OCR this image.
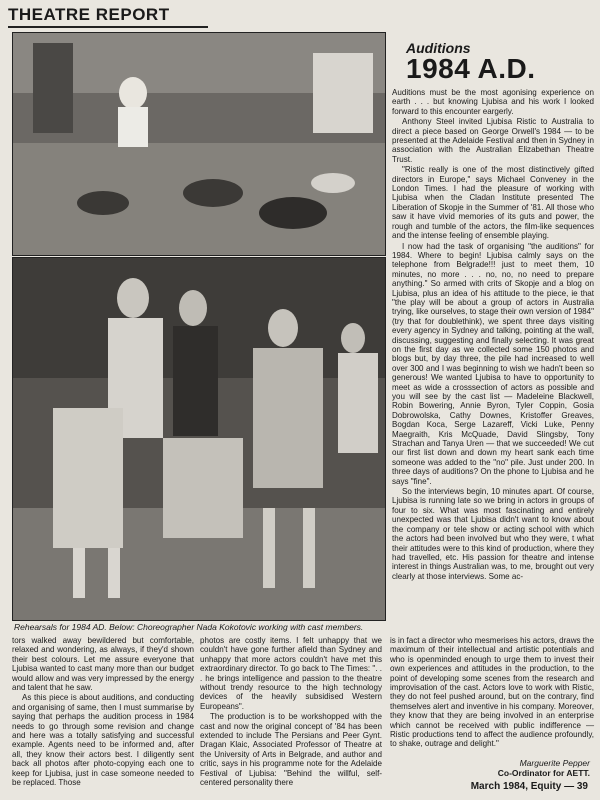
THEATRE REPORT
Rehearsals for 1984 AD. Below: Choreographer Nada Kokotovic working with cast members.
Auditions
1984 A.D.

Auditions must be the most agonising experience on earth . . . but knowing Ljubisa and his work I looked forward to this encounter eargerly.

Anthony Steel invited Ljubisa Ristic to Australia to direct a piece based on George Orwell's 1984 — to be presented at the Adelaide Festival and then in Sydney in association with the Australian Elizabethan Theatre Trust.

"Ristic really is one of the most distinctively gifted directors in Europe," says Michael Conveney in the London Times. I had the pleasure of working with Ljubisa when the Cladan Institute presented The Liberation of Skopje in the Summer of '81. All those who saw it have vivid memories of its guts and power, the rough and tumble of the actors, the film-like sequences and the intense feeling of ensemble playing.

I now had the task of organising "the auditions" for 1984. Where to begin! Ljubisa calmly says on the telephone from Belgrade!!! just to meet them, 10 minutes, no more . . . no, no, no need to prepare anything." So armed with crits of Skopje and a blog on Ljubisa, plus an idea of his attitude to the piece, ie that "the play will be about a group of actors in Australia trying, like ourselves, to stage their own version of 1984" (try that for doublethink), we spent three days visiting every agency in Sydney and talking, pointing at the wall, discussing, suggesting and finally selecting. It was great on the first day as we collected some 150 photos and blogs but, by day three, the pile had increased to well over 300 and I was beginning to wish we hadn't been so generous! We wanted Ljubisa to have to opportunity to meet as wide a crosssection of actors as possible and you will see by the cast list — Madeleine Blackwell, Robin Bowering, Annie Byron, Tyler Coppin, Gosia Dobrowolska, Cathy Downes, Kristoffer Greaves, Bogdan Koca, Serge Lazareff, Vicki Luke, Penny Maegraith, Kris McQuade, David Slingsby, Tony Strachan and Tanya Uren — that we succeeded! We cut our first list down and down my heart sank each time someone was added to the "no" pile. Just under 200. In three days of auditions? On the phone to Ljubisa and he says "fine".

So the interviews begin, 10 minutes apart. Of course, Ljubisa is running late so we bring in actors in groups of four to six. What was most fascinating and entirely unexpected was that Ljubisa didn't want to know about the company or tele show or acting school with which the actors had been involved but who they were, t what their attitudes were to this kind of production, where they had travelled, etc. His passion for theatre and intense interest in things Australian was, to me, brought out very clearly at those interviews. Some ac-

tors walked away bewildered but comfortable, relaxed and wondering, as always, if they'd shown their best colours. Let me assure everyone that Ljubisa wanted to cast many more than our budget would allow and was very impressed by the energy and talent that he saw.

As this piece is about auditions, and conducting and organising of same, then I must summarise by saying that perhaps the audition process in 1984 needs to go through some revision and change and here was a totally satisfying and successful example. Agents need to be informed and, after all, they know their actors best. I diligently sent back all photos after photo-copying each one to keep for Ljubisa, just in case someone needed to be replaced. Those

photos are costly items. I felt unhappy that we couldn't have gone further afield than Sydney and unhappy that more actors couldn't have met this extraordinary director. To go back to The Times: ". . . he brings intelligence and passion to the theatre without trendy resource to the high technology devices of the heavily subsidised Western Europeans".

The production is to be workshopped with the cast and now the original concept of '84 has been extended to include The Persians and Peer Gynt. Dragan Klaic, Associated Professor of Theatre at the University of Arts in Belgrade, and author and critic, says in his programme note for the Adelaide Festival of Ljubisa: "Behind the willful, self-centered personality there

is in fact a director who mesmerises his actors, draws the maximum of their intellectual and artistic potentials and who is openminded enough to urge them to invest their own experiences and attitudes in the production, to the point of developing some scenes from the research and improvisation of the cast. Actors love to work with Ristic, they do not feel pushed around, but on the contrary, find themselves alert and inventive in his company. Moreover, they know that they are being involved in an enterprise which cannot be received with public indifference — Ristic productions tend to affect the audience profoundly, to shake, outrage and delight."

Marguerite Pepper
Co-Ordinator for AETT.
March 1984, Equity — 39
